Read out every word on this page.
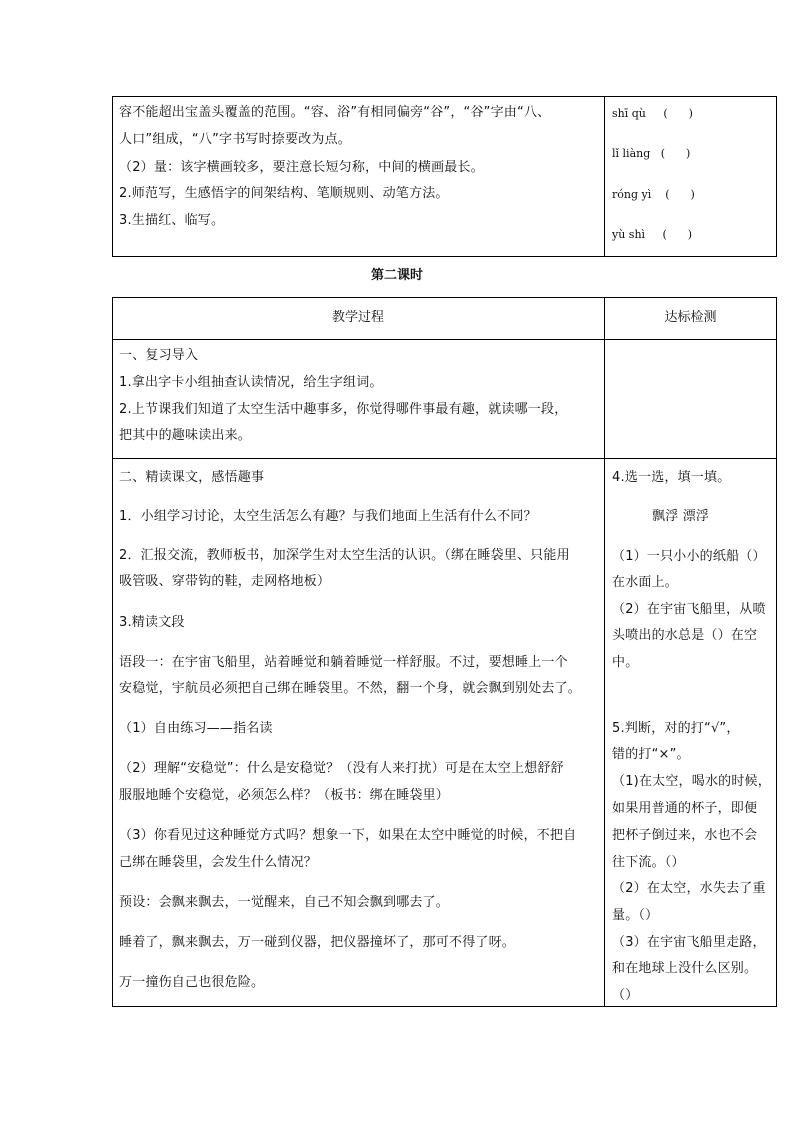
容不能超出宝盖头覆盖的范围。“容、浴”有相同偏旁“谷”，“谷”字由“八、
人口”组成，“八”字书写时捺要改为点。
（2）量：该字横画较多，要注意长短匀称，中间的横画最长。
2.师范写，生感悟字的间架结构、笔顺规则、动笔方法。
3.生描红、临写。
shī qù     (      )
lǐ liàng   (      )
róng yì    (      )
yù shì     (      )
第二课时
教学过程	达标检测
一、复习导入
1.拿出字卡小组抽查认读情况，给生字组词。
2.上节课我们知道了太空生活中趣事多，你觉得哪件事最有趣，就读哪一段，
把其中的趣味读出来。
二、精读课文，感悟趣事
1．小组学习讨论，太空生活怎么有趣？与我们地面上生活有什么不同？
2．汇报交流，教师板书，加深学生对太空生活的认识。（绑在睡袋里、只能用
吸管吸、穿带钩的鞋，走网格地板）
3.精读文段
语段一：在宇宙飞船里，站着睡觉和躺着睡觉一样舒服。不过，要想睡上一个
安稳觉，宇航员必须把自己绑在睡袋里。不然，翻一个身，就会飘到别处去了。
（1）自由练习——指名读
（2）理解“安稳觉”：什么是安稳觉？（没有人来打扰）可是在太空上想舒舒
服服地睡个安稳觉，必须怎么样？（板书：绑在睡袋里）
（3）你看见过这种睡觉方式吗？想象一下，如果在太空中睡觉的时候，不把自
己绑在睡袋里，会发生什么情况？
预设：会飘来飘去，一觉醒来，自己不知会飘到哪去了。
睡着了，飘来飘去，万一碰到仪器，把仪器撞坏了，那可不得了呀。
万一撞伤自己也很危险。
4.选一选，填一填。
飘浮 漂浮
（1）一只小小的纸船（）
在水面上。
（2）在宇宙飞船里，从喷
头喷出的水总是（）在空
中。
5.判断，对的打“√”，
错的打“×”。
（1)在太空，喝水的时候，
如果用普通的杯子，即便
把杯子倒过来，水也不会
往下流。（）
（2）在太空，水失去了重
量。（）
（3）在宇宙飞船里走路，
和在地球上没什么区别。
（）
